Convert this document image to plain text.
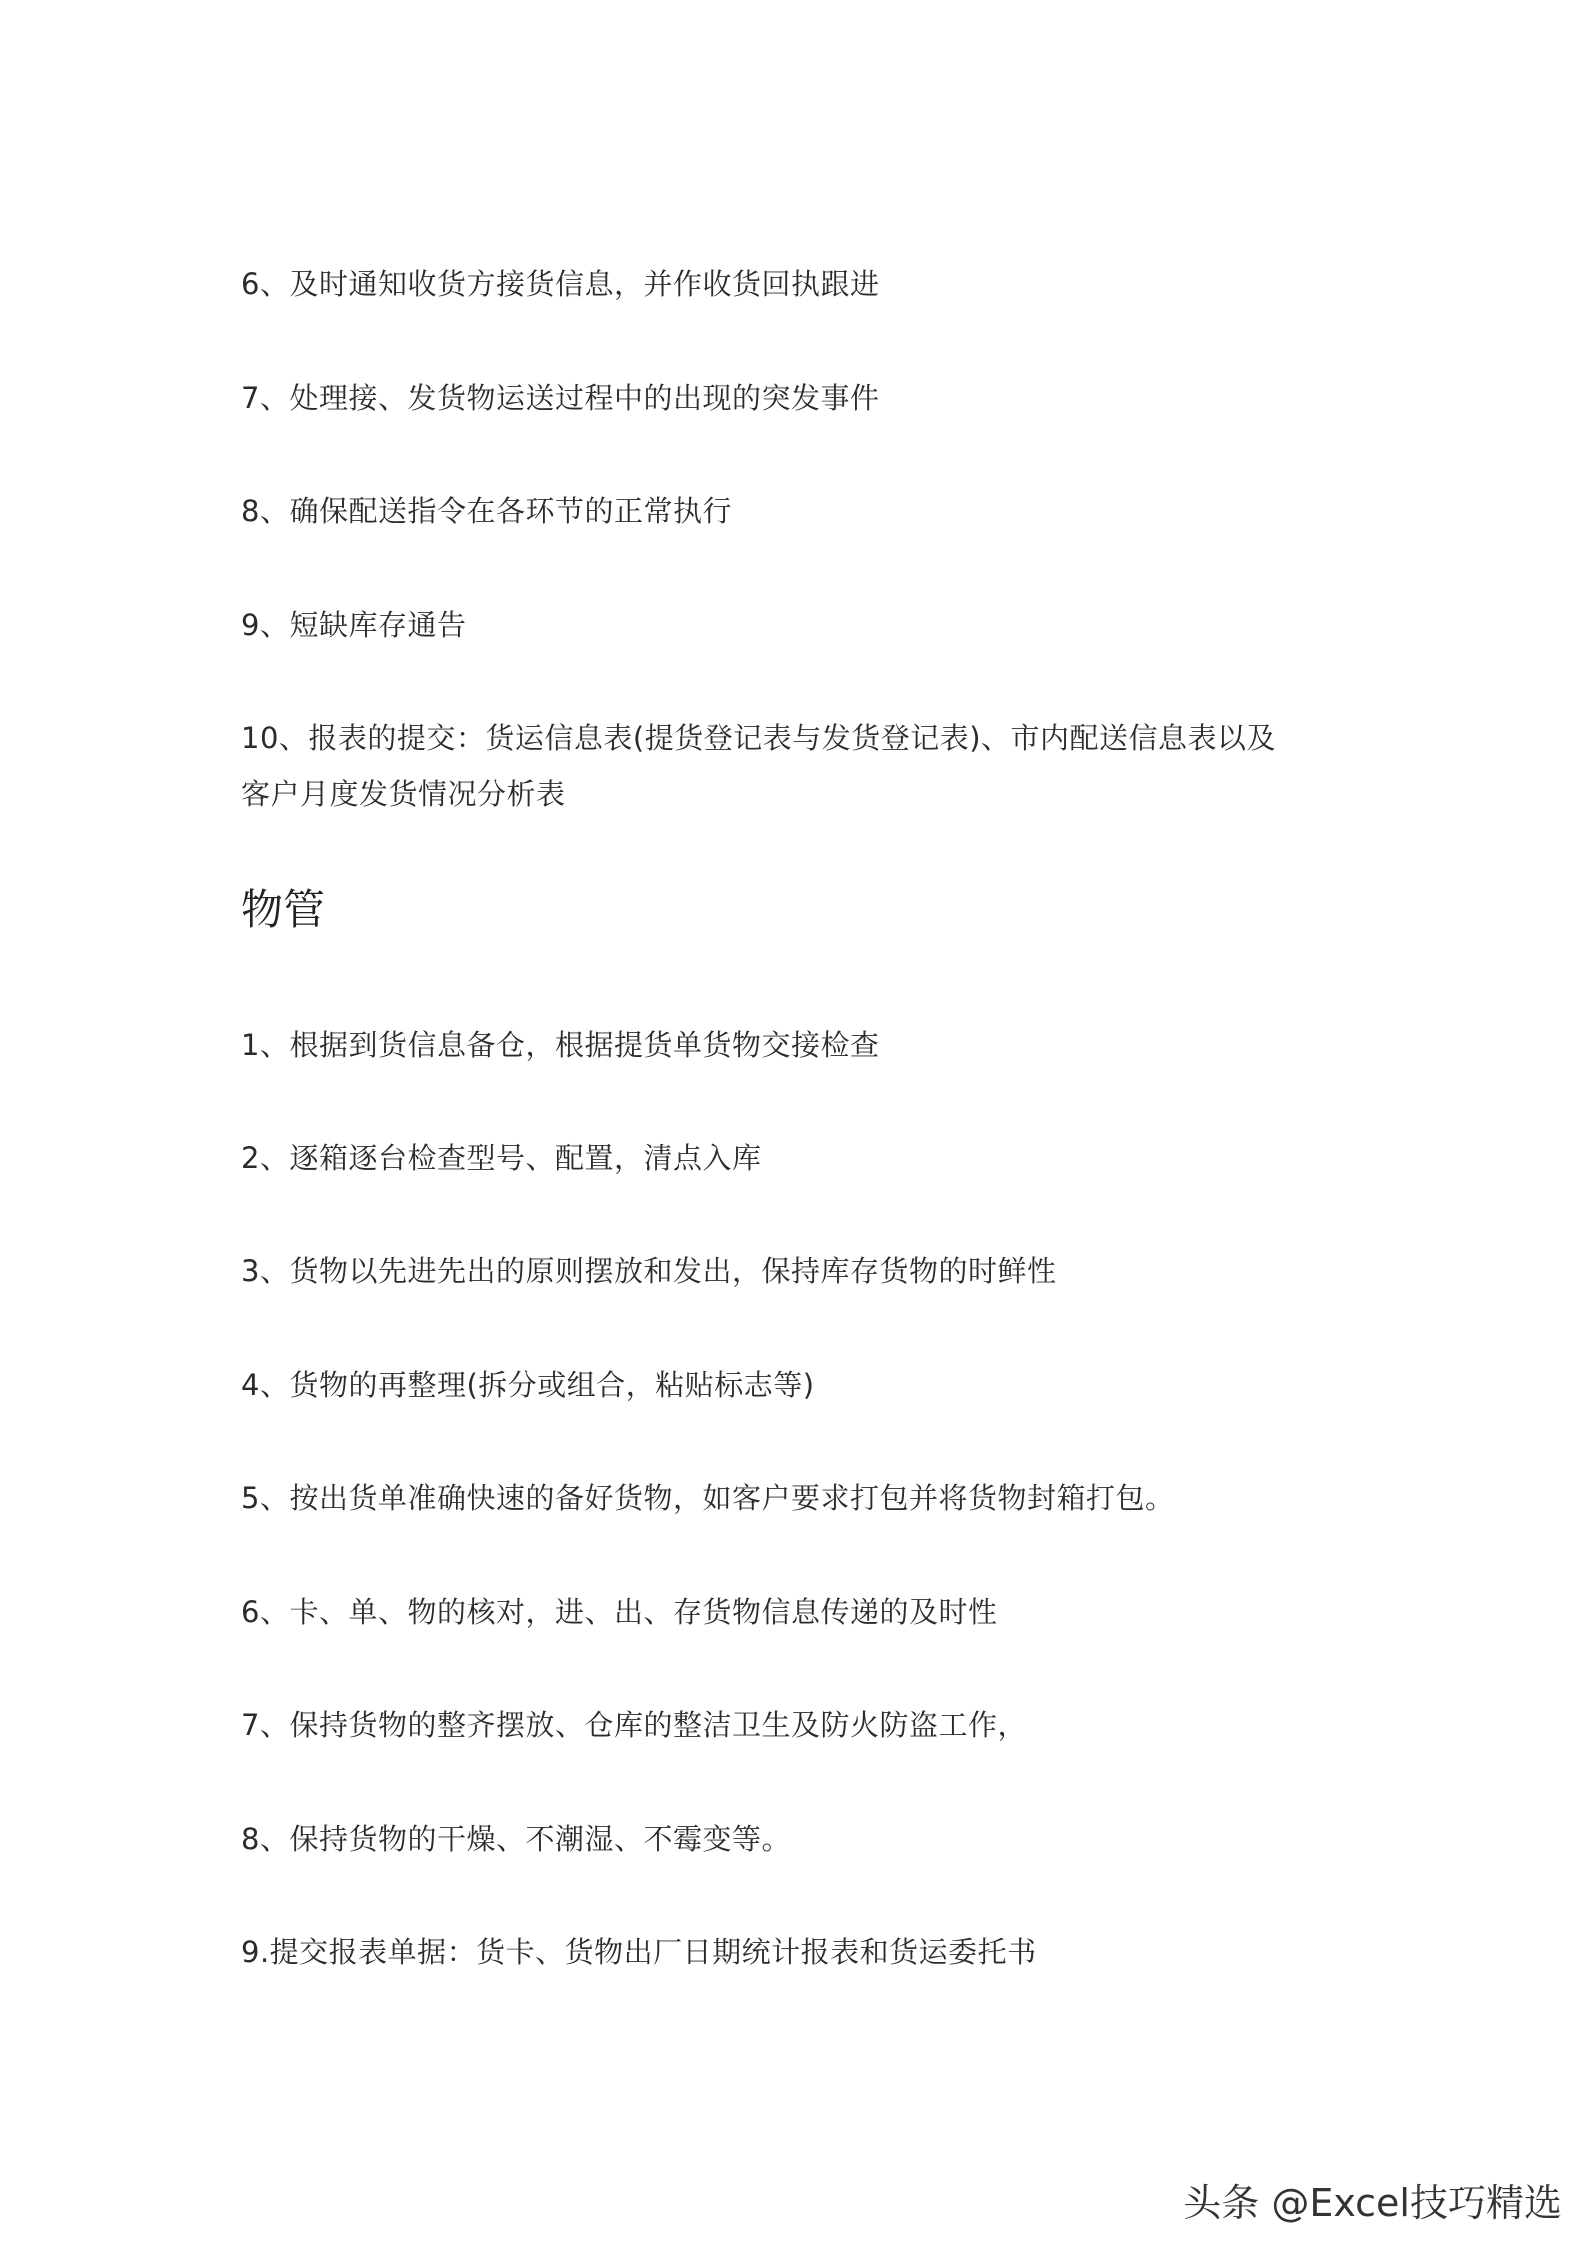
6、及时通知收货方接货信息，并作收货回执跟进

7、处理接、发货物运送过程中的出现的突发事件

8、确保配送指令在各环节的正常执行

9、短缺库存通告

10、报表的提交：货运信息表(提货登记表与发货登记表)、市内配送信息表以及

客户月度发货情况分析表

物管

1、根据到货信息备仓，根据提货单货物交接检查

2、逐箱逐台检查型号、配置，清点入库

3、货物以先进先出的原则摆放和发出，保持库存货物的时鲜性

4、货物的再整理(拆分或组合，粘贴标志等)

5、按出货单准确快速的备好货物，如客户要求打包并将货物封箱打包。

6、卡、单、物的核对，进、出、存货物信息传递的及时性

7、保持货物的整齐摆放、仓库的整洁卫生及防火防盗工作，

8、保持货物的干燥、不潮湿、不霉变等。

9.提交报表单据：货卡、货物出厂日期统计报表和货运委托书

头条 @Excel技巧精选
